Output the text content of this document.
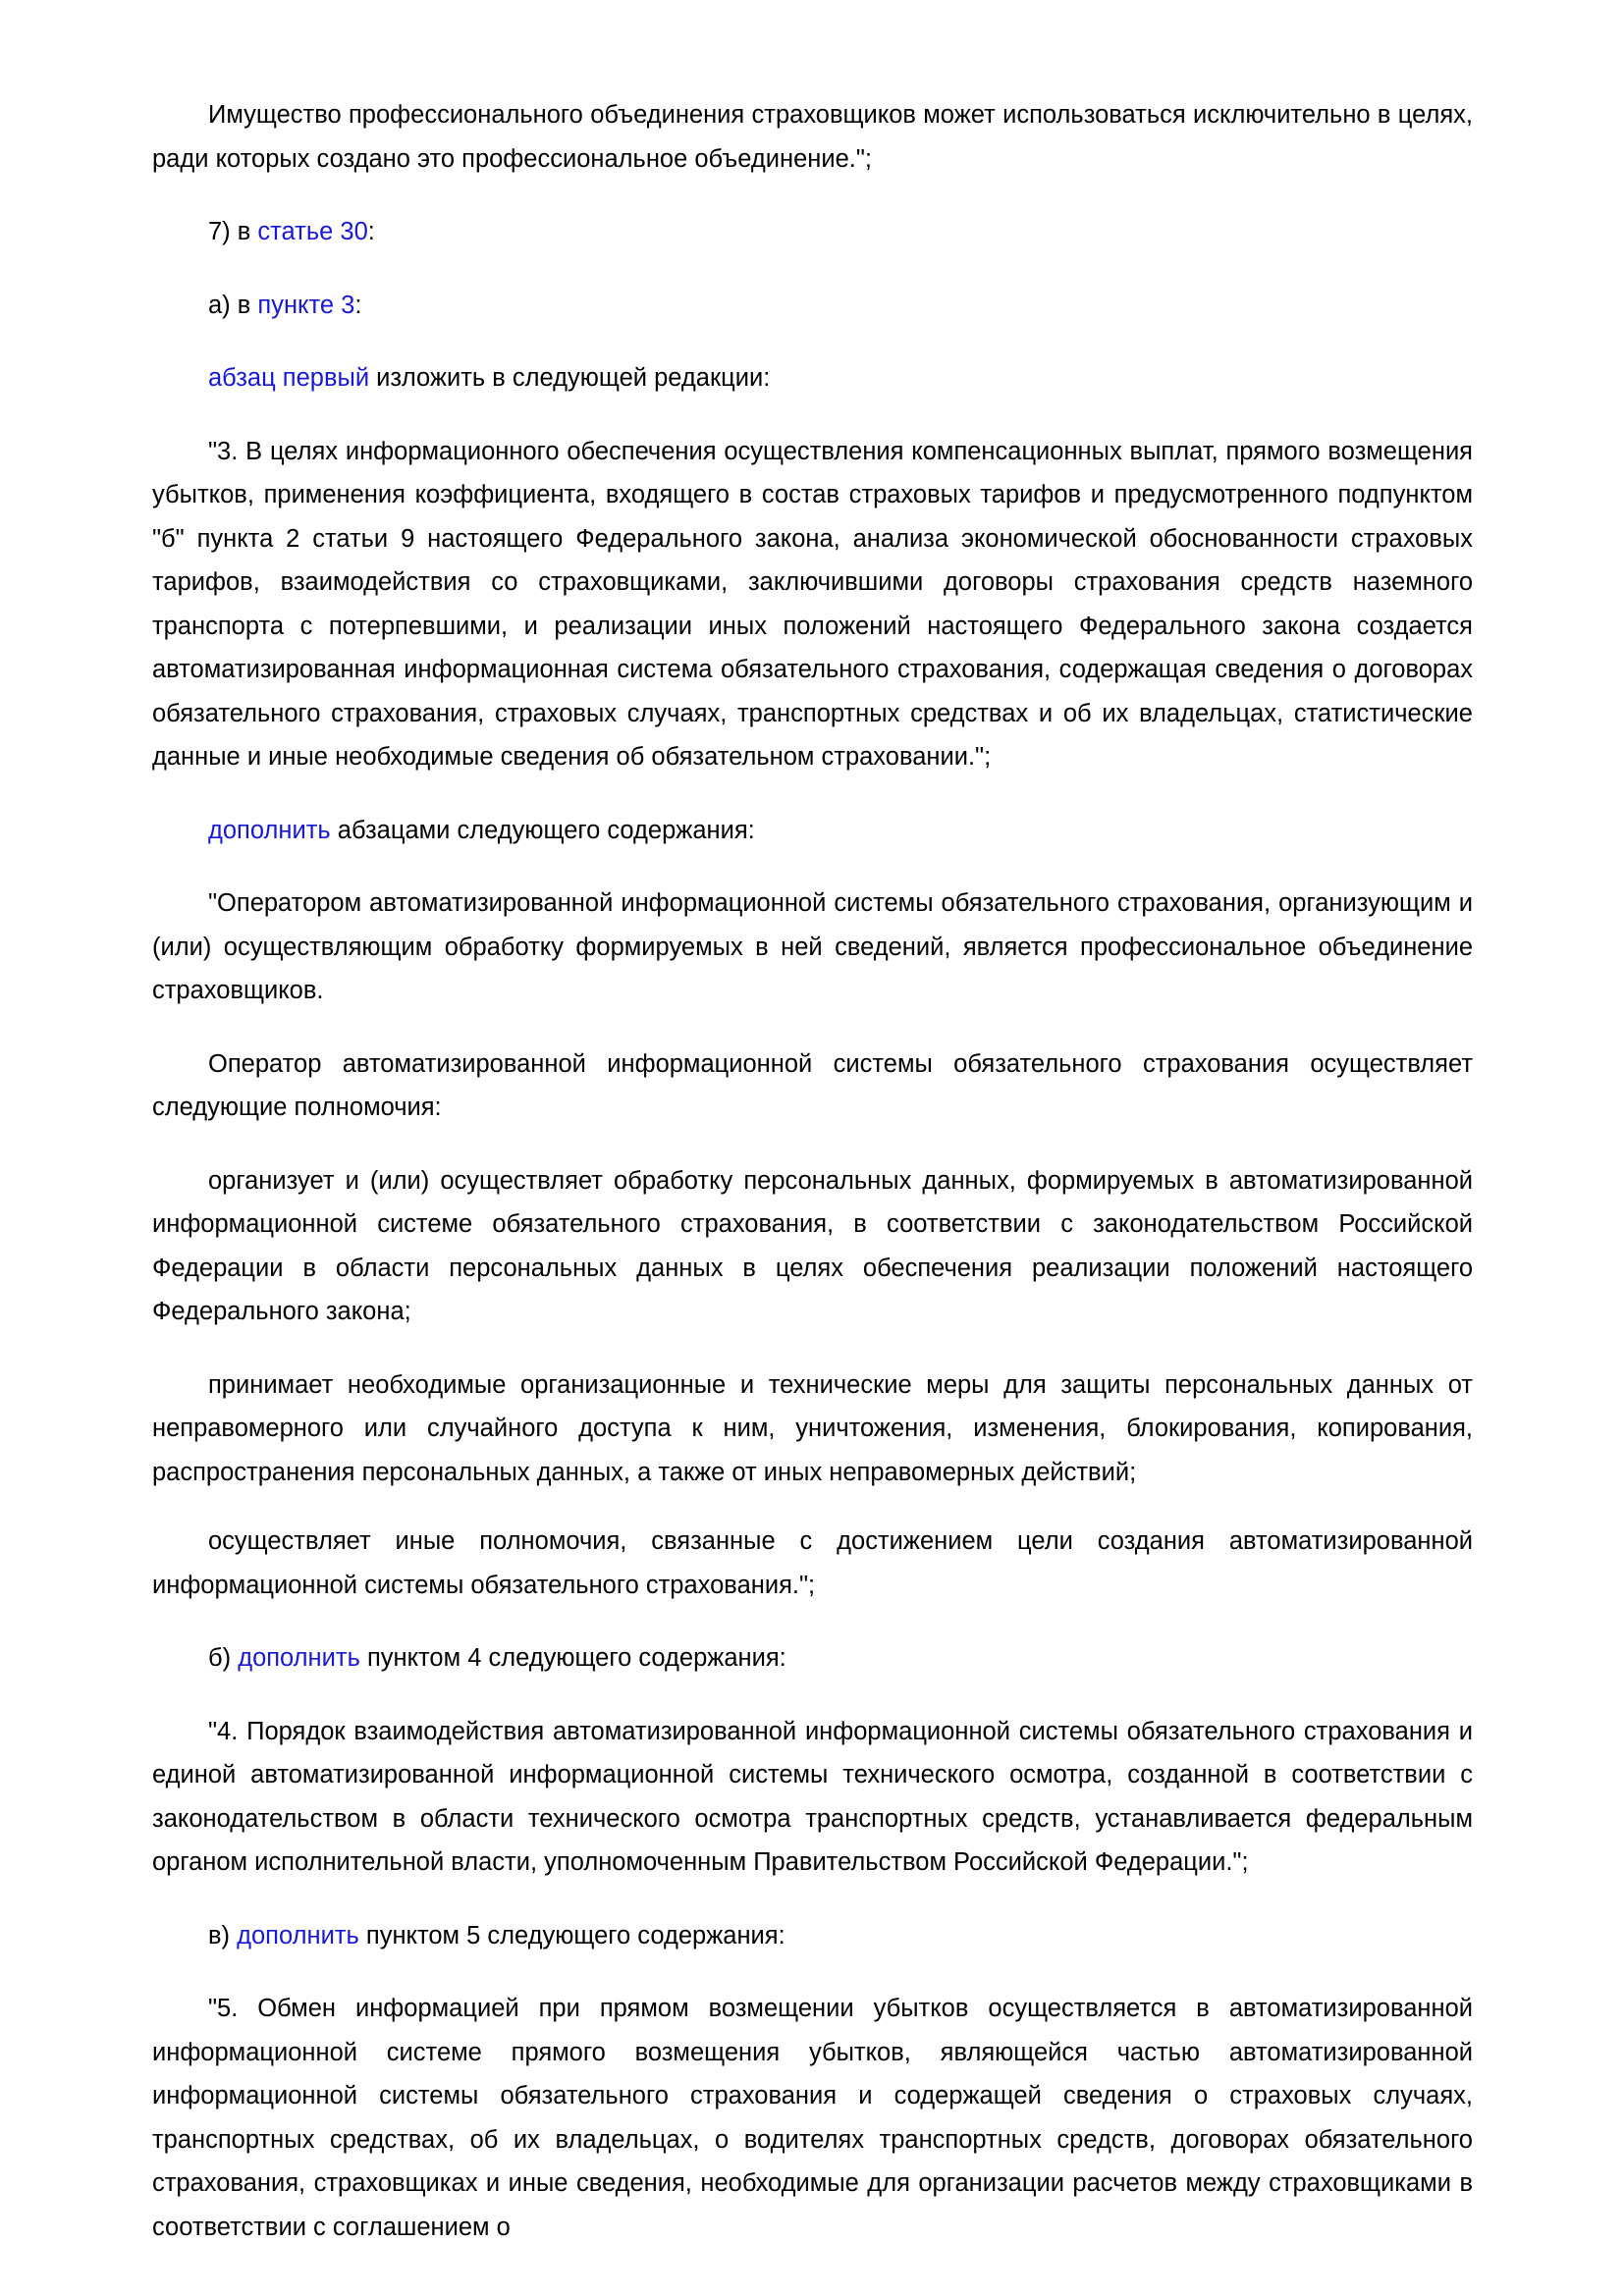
Имущество профессионального объединения страховщиков может использоваться исключительно в целях, ради которых создано это профессиональное объединение.";

7) в статье 30:

а) в пункте 3:

абзац первый изложить в следующей редакции:

"3. В целях информационного обеспечения осуществления компенсационных выплат, прямого возмещения убытков, применения коэффициента, входящего в состав страховых тарифов и предусмотренного подпунктом "б" пункта 2 статьи 9 настоящего Федерального закона, анализа экономической обоснованности страховых тарифов, взаимодействия со страховщиками, заключившими договоры страхования средств наземного транспорта с потерпевшими, и реализации иных положений настоящего Федерального закона создается автоматизированная информационная система обязательного страхования, содержащая сведения о договорах обязательного страхования, страховых случаях, транспортных средствах и об их владельцах, статистические данные и иные необходимые сведения об обязательном страховании.";

дополнить абзацами следующего содержания:

"Оператором автоматизированной информационной системы обязательного страхования, организующим и (или) осуществляющим обработку формируемых в ней сведений, является профессиональное объединение страховщиков.

Оператор автоматизированной информационной системы обязательного страхования осуществляет следующие полномочия:

организует и (или) осуществляет обработку персональных данных, формируемых в автоматизированной информационной системе обязательного страхования, в соответствии с законодательством Российской Федерации в области персональных данных в целях обеспечения реализации положений настоящего Федерального закона;

принимает необходимые организационные и технические меры для защиты персональных данных от неправомерного или случайного доступа к ним, уничтожения, изменения, блокирования, копирования, распространения персональных данных, а также от иных неправомерных действий;

осуществляет иные полномочия, связанные с достижением цели создания автоматизированной информационной системы обязательного страхования.";

б) дополнить пунктом 4 следующего содержания:

"4. Порядок взаимодействия автоматизированной информационной системы обязательного страхования и единой автоматизированной информационной системы технического осмотра, созданной в соответствии с законодательством в области технического осмотра транспортных средств, устанавливается федеральным органом исполнительной власти, уполномоченным Правительством Российской Федерации.";

в) дополнить пунктом 5 следующего содержания:

"5. Обмен информацией при прямом возмещении убытков осуществляется в автоматизированной информационной системе прямого возмещения убытков, являющейся частью автоматизированной информационной системы обязательного страхования и содержащей сведения о страховых случаях, транспортных средствах, об их владельцах, о водителях транспортных средств, договорах обязательного страхования, страховщиках и иные сведения, необходимые для организации расчетов между страховщиками в соответствии с соглашением о
